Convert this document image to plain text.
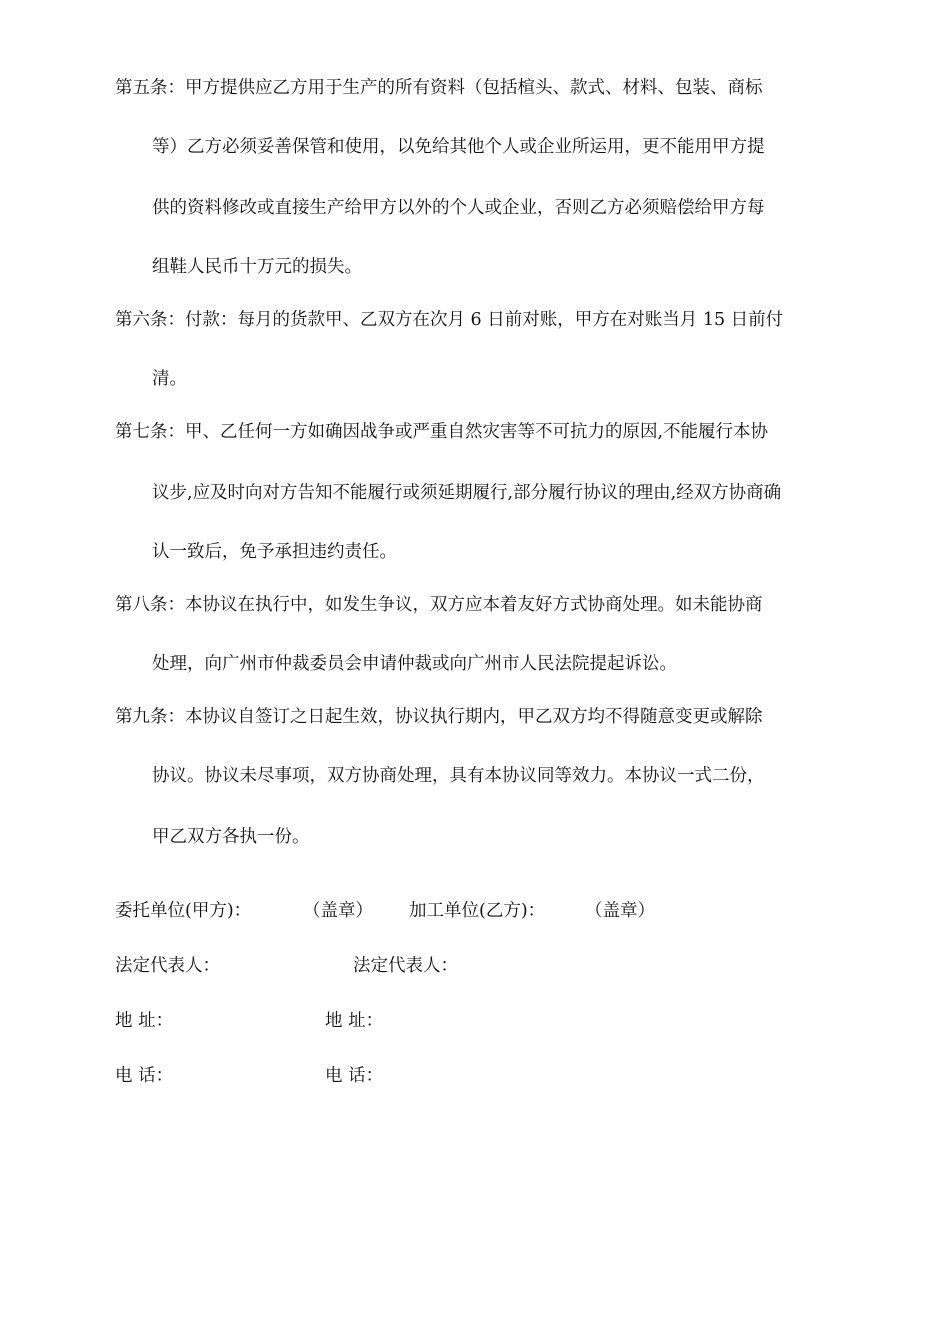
第五条：甲方提供应乙方用于生产的所有资料（包括楦头、款式、材料、包装、商标
等）乙方必须妥善保管和使用，以免给其他个人或企业所运用，更不能用甲方提
供的资料修改或直接生产给甲方以外的个人或企业，否则乙方必须赔偿给甲方每
组鞋人民币十万元的损失。
第六条：付款：每月的货款甲、乙双方在次月 6 日前对账，甲方在对账当月 15 日前付
清。
第七条：甲、乙任何一方如确因战争或严重自然灾害等不可抗力的原因,不能履行本协
议步,应及时向对方告知不能履行或须延期履行,部分履行协议的理由,经双方协商确
认一致后，免予承担违约责任。
第八条：本协议在执行中，如发生争议，双方应本着友好方式协商处理。如未能协商
处理，向广州市仲裁委员会申请仲裁或向广州市人民法院提起诉讼。
第九条：本协议自签订之日起生效，协议执行期内，甲乙双方均不得随意变更或解除
协议。协议未尽事项，双方协商处理，具有本协议同等效力。本协议一式二份，
甲乙双方各执一份。
委托单位(甲方)：	（盖章） 加工单位(乙方)： （盖章）
法定代表人：	法定代表人：
地 址：	地 址：
电 话：	电 话：
